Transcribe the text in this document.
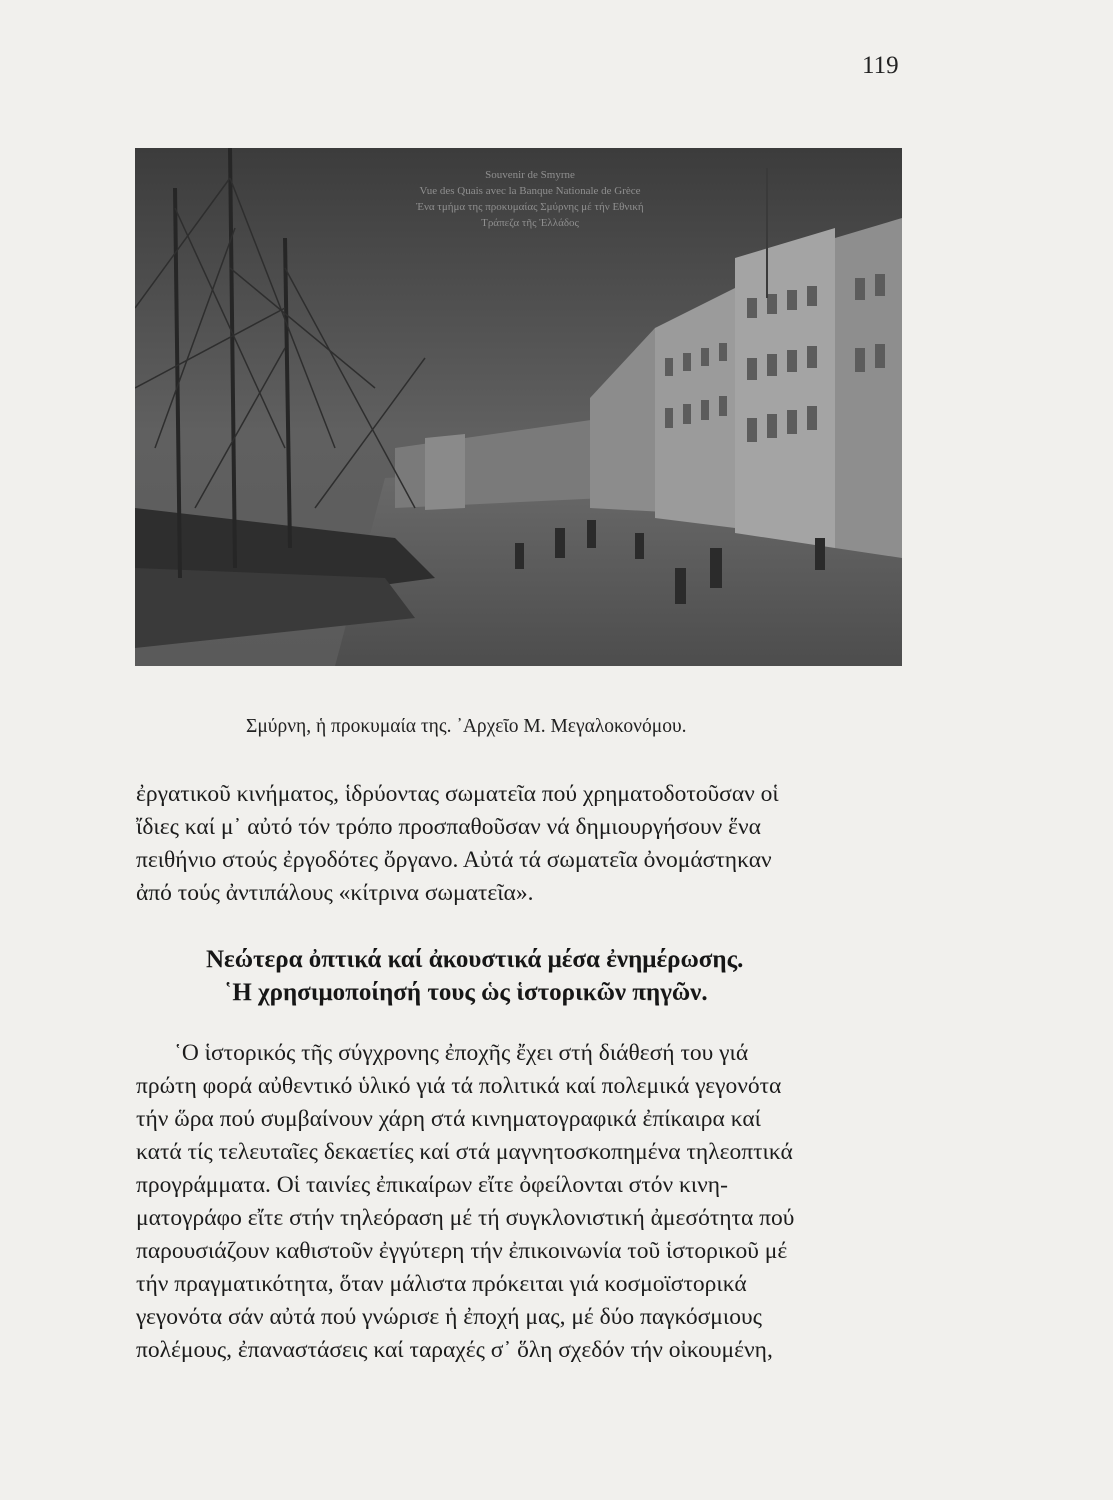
119
Souvenir de Smyrne
Vue des Quais avec la Banque Nationale de Grèce
Ένα τμήμα της προκυμαίας Σμύρνης μέ τήν Εθνική
Τράπεζα τῆς Ἑλλάδος
Σμύρνη, ἡ προκυμαία της. ᾿Αρχεῖο Μ. Μεγαλοκονόμου.
ἐργατικοῦ κινήματος, ἱδρύοντας σωματεῖα πού χρηματοδοτοῦσαν οἱ
ἴδιες καί μ᾿ αὐτό τόν τρόπο προσπαθοῦσαν νά δημιουργήσουν ἕνα
πειθήνιο στούς ἐργοδότες ὄργανο. Αὐτά τά σωματεῖα ὀνομάστηκαν
ἀπό τούς ἀντιπάλους «κίτρινα σωματεῖα».
Νεώτερα ὀπτικά καί ἀκουστικά μέσα ἐνημέρωσης.
῾Η χρησιμοποίησή τους ὡς ἱστορικῶν πηγῶν.
῾Ο ἱστορικός τῆς σύγχρονης ἐποχῆς ἔχει στή διάθεσή του γιά
πρώτη φορά αὐθεντικό ὑλικό γιά τά πολιτικά καί πολεμικά γεγονότα
τήν ὥρα πού συμβαίνουν χάρη στά κινηματογραφικά ἐπίκαιρα καί
κατά τίς τελευταῖες δεκαετίες καί στά μαγνητοσκοπημένα τηλεοπτικά
προγράμματα. Οἱ ταινίες ἐπικαίρων εἴτε ὀφείλονται στόν κινη-
ματογράφο εἴτε στήν τηλεόραση μέ τή συγκλονιστική ἀμεσότητα πού
παρουσιάζουν καθιστοῦν ἐγγύτερη τήν ἐπικοινωνία τοῦ ἱστορικοῦ μέ
τήν πραγματικότητα, ὅταν μάλιστα πρόκειται γιά κοσμοϊστορικά
γεγονότα σάν αὐτά πού γνώρισε ἡ ἐποχή μας, μέ δύο παγκόσμιους
πολέμους, ἐπαναστάσεις καί ταραχές σ᾿ ὅλη σχεδόν τήν οἰκουμένη,
